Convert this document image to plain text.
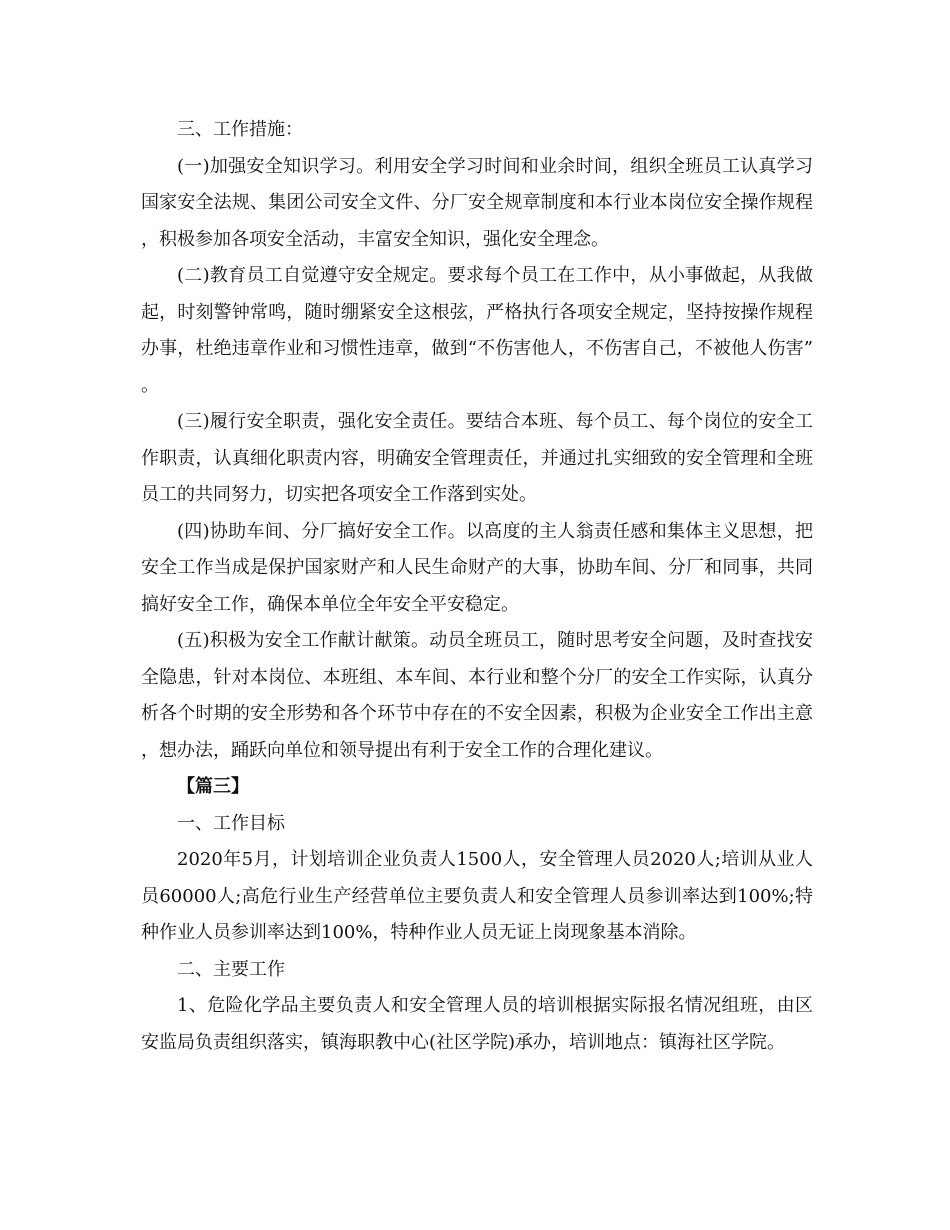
三、工作措施：

(一)加强安全知识学习。利用安全学习时间和业余时间，组织全班员工认真学习国家安全法规、集团公司安全文件、分厂安全规章制度和本行业本岗位安全操作规程，积极参加各项安全活动，丰富安全知识，强化安全理念。

(二)教育员工自觉遵守安全规定。要求每个员工在工作中，从小事做起，从我做起，时刻警钟常鸣，随时绷紧安全这根弦，严格执行各项安全规定，坚持按操作规程办事，杜绝违章作业和习惯性违章，做到“不伤害他人，不伤害自己，不被他人伤害”。

(三)履行安全职责，强化安全责任。要结合本班、每个员工、每个岗位的安全工作职责，认真细化职责内容，明确安全管理责任，并通过扎实细致的安全管理和全班员工的共同努力，切实把各项安全工作落到实处。

(四)协助车间、分厂搞好安全工作。以高度的主人翁责任感和集体主义思想，把安全工作当成是保护国家财产和人民生命财产的大事，协助车间、分厂和同事，共同搞好安全工作，确保本单位全年安全平安稳定。

(五)积极为安全工作献计献策。动员全班员工，随时思考安全问题，及时查找安全隐患，针对本岗位、本班组、本车间、本行业和整个分厂的安全工作实际，认真分析各个时期的安全形势和各个环节中存在的不安全因素，积极为企业安全工作出主意，想办法，踊跃向单位和领导提出有利于安全工作的合理化建议。

【篇三】

一、工作目标

2020年5月，计划培训企业负责人1500人，安全管理人员2020人;培训从业人员60000人;高危行业生产经营单位主要负责人和安全管理人员参训率达到100%;特种作业人员参训率达到100%，特种作业人员无证上岗现象基本消除。

二、主要工作

1、危险化学品主要负责人和安全管理人员的培训根据实际报名情况组班，由区安监局负责组织落实，镇海职教中心(社区学院)承办，培训地点：镇海社区学院。
